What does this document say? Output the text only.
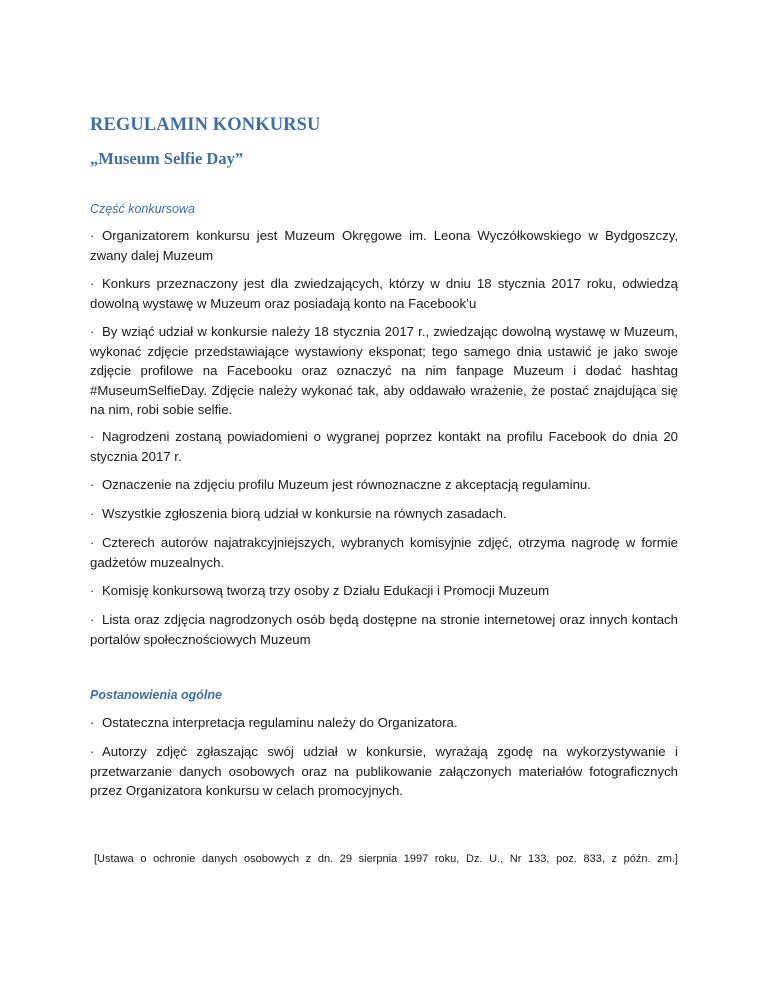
REGULAMIN KONKURSU
„Museum Selfie Day”

Część konkursowa

· Organizatorem konkursu jest Muzeum Okręgowe im. Leona Wyczółkowskiego w Bydgoszczy, zwany dalej Muzeum

· Konkurs przeznaczony jest dla zwiedzających, którzy w dniu 18 stycznia 2017 roku, odwiedzą dowolną wystawę w Muzeum oraz posiadają konto na Facebook’u

· By wziąć udział w konkursie należy 18 stycznia 2017 r., zwiedzając dowolną wystawę w Muzeum, wykonać zdjęcie przedstawiające wystawiony eksponat; tego samego dnia ustawić je jako swoje zdjęcie profilowe na Facebooku oraz oznaczyć na nim fanpage Muzeum i dodać hashtag #MuseumSelfieDay. Zdjęcie należy wykonać tak, aby oddawało wrażenie, że postać znajdująca się na nim, robi sobie selfie.

· Nagrodzeni zostaną powiadomieni o wygranej poprzez kontakt na profilu Facebook do dnia 20 stycznia 2017 r.

· Oznaczenie na zdjęciu profilu Muzeum jest równoznaczne z akceptacją regulaminu.

· Wszystkie zgłoszenia biorą udział w konkursie na równych zasadach.

· Czterech autorów najatrakcyjniejszych, wybranych komisyjnie zdjęć, otrzyma nagrodę w formie gadżetów muzealnych.

· Komisję konkursową tworzą trzy osoby z Działu Edukacji i Promocji Muzeum

· Lista oraz zdjęcia nagrodzonych osób będą dostępne na stronie internetowej oraz innych kontach portalów społecznościowych Muzeum

Postanowienia ogólne

· Ostateczna interpretacja regulaminu należy do Organizatora.

· Autorzy zdjęć zgłaszając swój udział w konkursie, wyrażają zgodę na wykorzystywanie i przetwarzanie danych osobowych oraz na publikowanie załączonych materiałów fotograficznych przez Organizatora konkursu w celach promocyjnych.

[Ustawa o ochronie danych osobowych z dn. 29 sierpnia 1997 roku, Dz. U., Nr 133, poz. 833, z późn. zm.]
